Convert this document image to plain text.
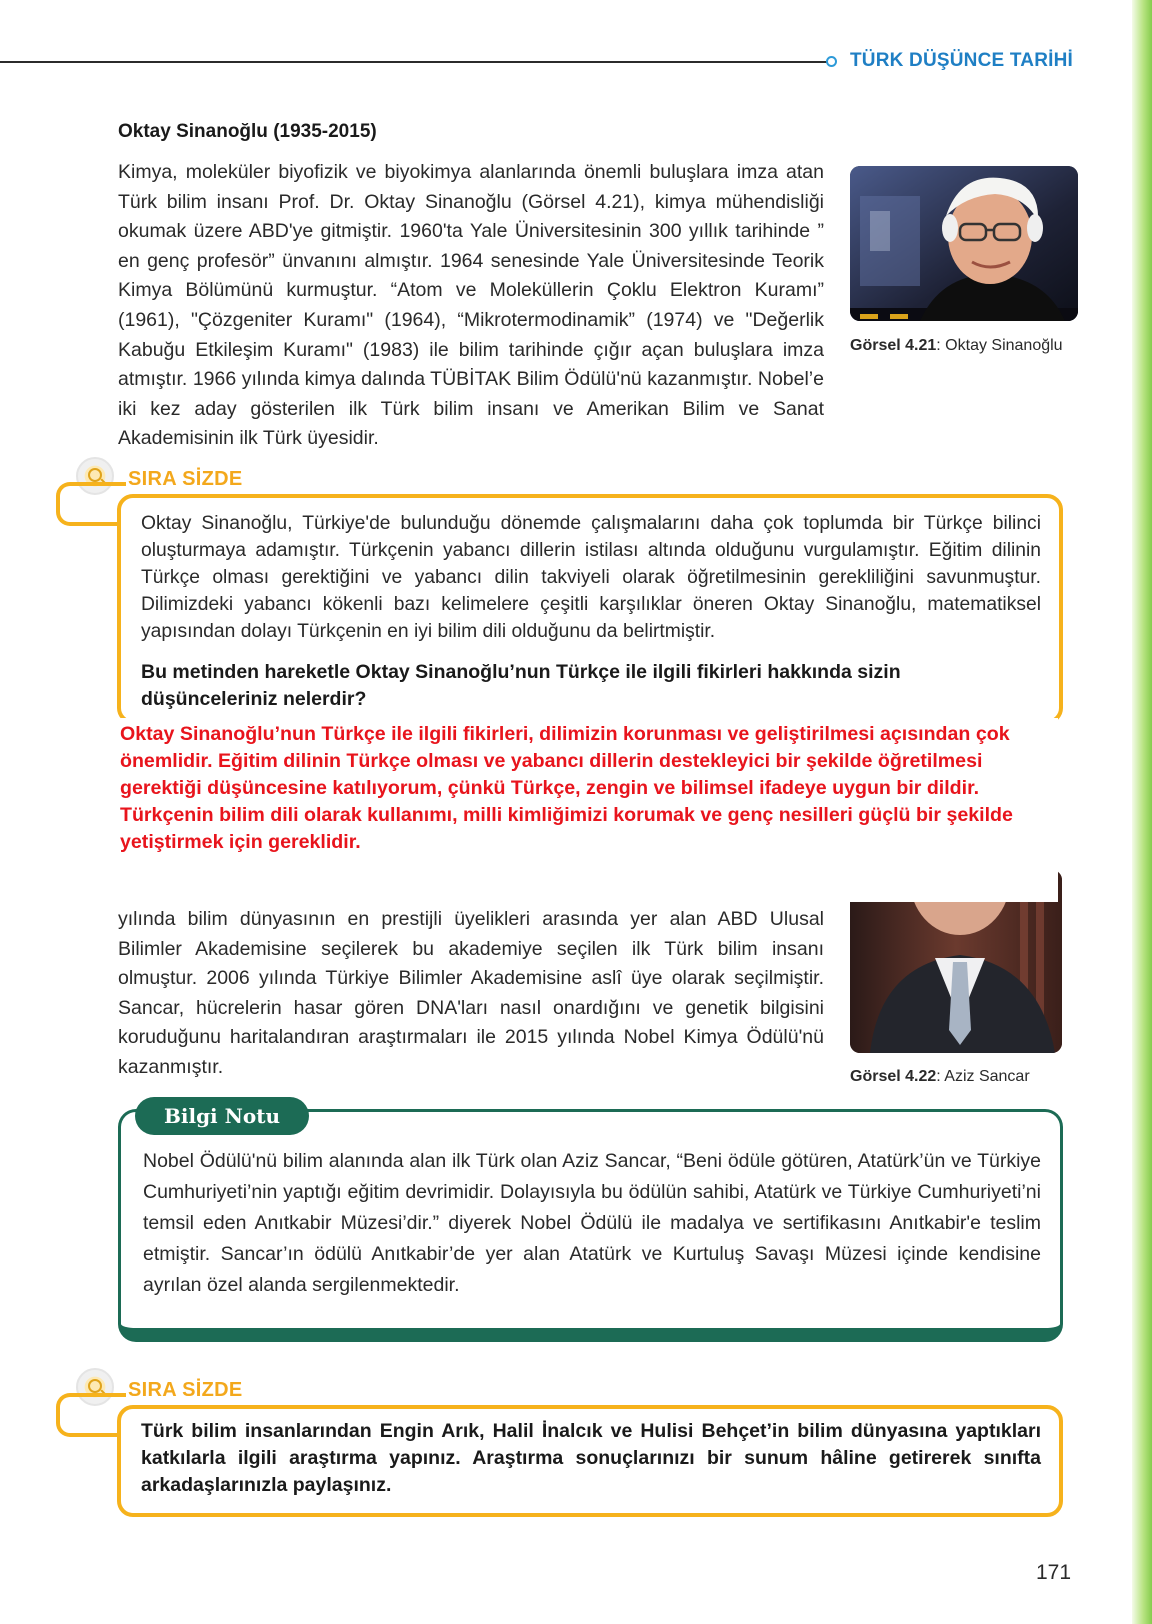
TÜRK DÜŞÜNCE TARİHİ
Oktay Sinanoğlu (1935-2015)
Kimya, moleküler biyofizik ve biyokimya alanlarında önemli buluşlara imza atan Türk bilim insanı Prof. Dr. Oktay Sinanoğlu (Görsel 4.21), kimya mühendisliği okumak üzere ABD'ye gitmiştir. 1960'ta Yale Üniversitesinin 300 yıllık tarihinde ” en genç profesör” ünvanını almıştır. 1964 senesinde Yale Üniversitesinde Teorik Kimya Bölümünü kurmuştur. “Atom ve Moleküllerin Çoklu Elektron Kuramı” (1961), "Çözgeniter Kuramı" (1964), “Mikrotermodinamik” (1974) ve "Değerlik Kabuğu Etkileşim Kuramı" (1983) ile bilim tarihinde çığır açan buluşlara imza atmıştır. 1966 yılında kimya dalında TÜBİTAK Bilim Ödülü'nü kazanmıştır. Nobel’e iki kez aday gösterilen ilk Türk bilim insanı ve Amerikan Bilim ve Sanat Akademisinin ilk Türk üyesidir.
Görsel 4.21: Oktay Sinanoğlu
SIRA SİZDE
Oktay Sinanoğlu, Türkiye'de bulunduğu dönemde çalışmalarını daha çok toplumda bir Türkçe bilinci oluşturmaya adamıştır. Türkçenin yabancı dillerin istilası altında olduğunu vurgulamıştır. Eğitim dilinin Türkçe olması gerektiğini ve yabancı dilin takviyeli olarak öğretilmesinin gerekliliğini savunmuştur. Dilimizdeki yabancı kökenli bazı kelimelere çeşitli karşılıklar öneren Oktay Sinanoğlu, matematiksel yapısından dolayı Türkçenin en iyi bilim dili olduğunu da belirtmiştir.
Bu metinden hareketle Oktay Sinanoğlu’nun Türkçe ile ilgili fikirleri hakkında sizin düşünceleriniz nelerdir?
Görsel 4.22: Aziz Sancar
Oktay Sinanoğlu’nun Türkçe ile ilgili fikirleri, dilimizin korunması ve geliştirilmesi açısından çok önemlidir. Eğitim dilinin Türkçe olması ve yabancı dillerin destekleyici bir şekilde öğretilmesi gerektiği düşüncesine katılıyorum, çünkü Türkçe, zengin ve bilimsel ifadeye uygun bir dildir. Türkçenin bilim dili olarak kullanımı, milli kimliğimizi korumak ve genç nesilleri güçlü bir şekilde yetiştirmek için gereklidir.
yılında bilim dünyasının en prestijli üyelikleri arasında yer alan ABD Ulusal Bilimler Akademisine seçilerek bu akademiye seçilen ilk Türk bilim insanı olmuştur. 2006 yılında Türkiye Bilimler Akademisine aslî üye olarak seçilmiştir. Sancar, hücrelerin hasar gören DNA'ları nasıl onardığını ve genetik bilgisini koruduğunu haritalandıran araştırmaları ile 2015 yılında Nobel Kimya Ödülü'nü kazanmıştır.
Bilgi Notu
Nobel Ödülü'nü bilim alanında alan ilk Türk olan Aziz Sancar, “Beni ödüle götüren, Atatürk’ün ve Türkiye Cumhuriyeti’nin yaptığı eğitim devrimidir. Dolayısıyla bu ödülün sahibi, Atatürk ve Türkiye Cumhuriyeti’ni temsil eden Anıtkabir Müzesi’dir.” diyerek Nobel Ödülü ile madalya ve sertifikasını Anıtkabir'e teslim etmiştir. Sancar’ın ödülü Anıtkabir’de yer alan Atatürk ve Kurtuluş Savaşı Müzesi içinde kendisine ayrılan özel alanda sergilenmektedir.
SIRA SİZDE
Türk bilim insanlarından Engin Arık, Halil İnalcık ve Hulisi Behçet’in bilim dünyasına yaptıkları katkılarla ilgili araştırma yapınız. Araştırma sonuçlarınızı bir sunum hâline getirerek sınıfta arkadaşlarınızla paylaşınız.
171
